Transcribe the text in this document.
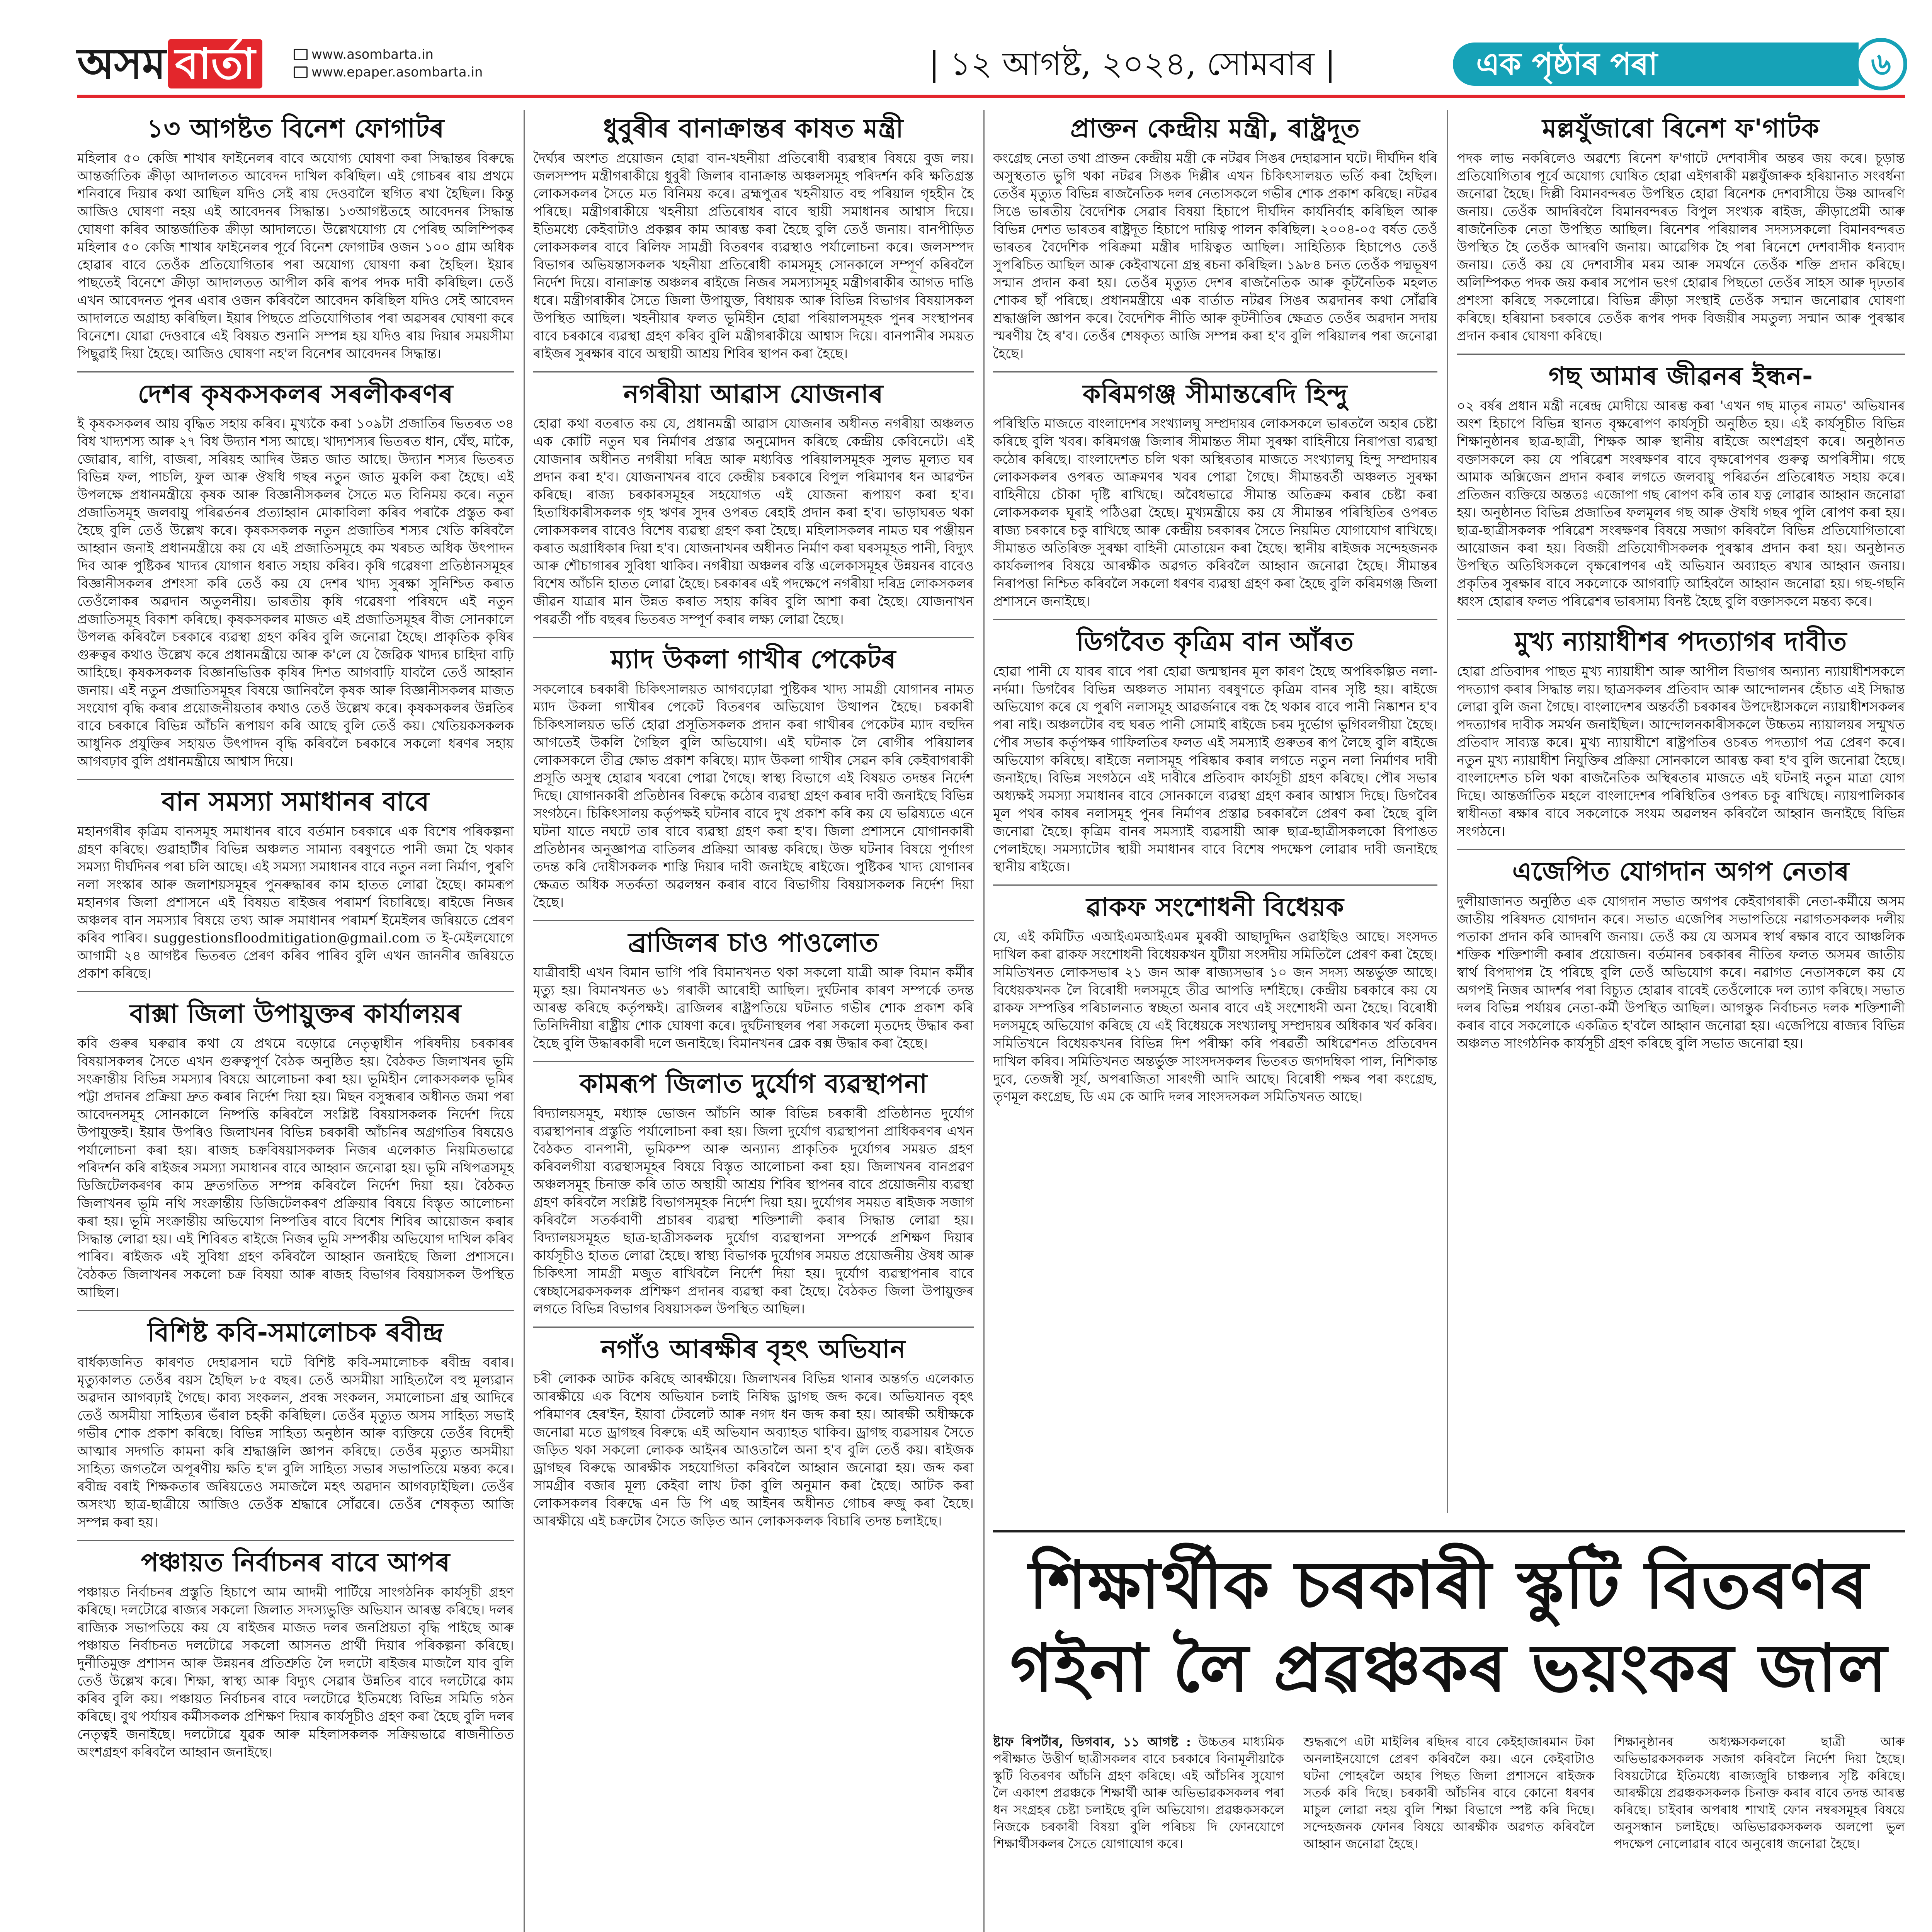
অসম বাৰ্তা	www.asombarta.in
www.epaper.asombarta.in	| ১২ আগষ্ট, ২০২৪, সোমবাৰ |	এক পৃষ্ঠাৰ পৰা	৬
১৩ আগষ্টত বিনেশ ফোগাটৰ

মহিলাৰ ৫০ কেজি শাখাৰ ফাইনেলৰ বাবে অযোগ্য ঘোষণা কৰা সিদ্ধান্তৰ বিৰুদ্ধে আন্তৰ্জাতিক ক্ৰীড়া আদালতত আবেদন দাখিল কৰিছিল। এই গোচৰৰ ৰায় প্ৰথমে শনিবাৰে দিয়াৰ কথা আছিল যদিও সেই ৰায় দেওবালৈ স্থগিত ৰখা হৈছিল। কিন্তু আজিও ঘোষণা নহয় এই আবেদনৰ সিদ্ধান্ত। ১৩আগষ্টতহে আবেদনৰ সিদ্ধান্ত ঘোষণা কৰিব আন্তৰ্জাতিক ক্ৰীড়া আদালতে। উল্লেখযোগ্য যে পেৰিছ অলিম্পিকৰ মহিলাৰ ৫০ কেজি শাখাৰ ফাইনেলৰ পূৰ্বে বিনেশ ফোগাটৰ ওজন ১০০ গ্ৰাম অধিক হোৱাৰ বাবে তেওঁক প্ৰতিযোগিতাৰ পৰা অযোগ্য ঘোষণা কৰা হৈছিল। ইয়াৰ পাছতেই বিনেশে ক্ৰীড়া আদালতত আপীল কৰি ৰূপৰ পদক দাবী কৰিছিল। তেওঁ এখন আবেদনত পুনৰ এবাৰ ওজন কৰিবলৈ আবেদন কৰিছিল যদিও সেই আবেদন আদালতে অগ্ৰাহ্য কৰিছিল। ইয়াৰ পিছতে প্ৰতিযোগিতাৰ পৰা অৱসৰৰ ঘোষণা কৰে বিনেশে। যোৱা দেওবাৰে এই বিষয়ত শুনানি সম্পন্ন হয় যদিও ৰায় দিয়াৰ সময়সীমা পিছুৱাই দিয়া হৈছে। আজিও ঘোষণা নহ'ল বিনেশৰ আবেদনৰ সিদ্ধান্ত।

দেশৰ কৃষকসকলৰ সৰলীকৰণৰ

ই কৃষকসকলৰ আয় বৃদ্ধিত সহায় কৰিব। মুখ্যকৈ কৰা ১০৯টা প্ৰজাতিৰ ভিতৰত ৩৪ বিধ খাদ্যশস্য আৰু ২৭ বিধ উদ্যান শস্য আছে। খাদ্যশস্যৰ ভিতৰত ধান, ঘেঁহু, মাকৈ, জোৱাৰ, ৰাগি, বাজৰা, সৰিয়হ আদিৰ উন্নত জাত আছে। উদ্যান শস্যৰ ভিতৰত বিভিন্ন ফল, পাচলি, ফুল আৰু ঔষধি গছৰ নতুন জাত মুকলি কৰা হৈছে। এই উপলক্ষে প্ৰধানমন্ত্ৰীয়ে কৃষক আৰু বিজ্ঞানীসকলৰ সৈতে মত বিনিময় কৰে। নতুন প্ৰজাতিসমূহ জলবায়ু পৰিৱৰ্তনৰ প্ৰত্যাহ্বান মোকাবিলা কৰিব পৰাকৈ প্ৰস্তুত কৰা হৈছে বুলি তেওঁ উল্লেখ কৰে। কৃষকসকলক নতুন প্ৰজাতিৰ শস্যৰ খেতি কৰিবলৈ আহ্বান জনাই প্ৰধানমন্ত্ৰীয়ে কয় যে এই প্ৰজাতিসমূহে কম খৰচত অধিক উৎপাদন দিব আৰু পুষ্টিকৰ খাদ্যৰ যোগান ধৰাত সহায় কৰিব। কৃষি গৱেষণা প্ৰতিষ্ঠানসমূহৰ বিজ্ঞানীসকলৰ প্ৰশংসা কৰি তেওঁ কয় যে দেশৰ খাদ্য সুৰক্ষা সুনিশ্চিত কৰাত তেওঁলোকৰ অৱদান অতুলনীয়। ভাৰতীয় কৃষি গৱেষণা পৰিষদে এই নতুন প্ৰজাতিসমূহ বিকাশ কৰিছে। কৃষকসকলৰ মাজত এই প্ৰজাতিসমূহৰ বীজ সোনকালে উপলব্ধ কৰিবলৈ চৰকাৰে ব্যৱস্থা গ্ৰহণ কৰিব বুলি জনোৱা হৈছে। প্ৰাকৃতিক কৃষিৰ গুৰুত্বৰ কথাও উল্লেখ কৰে প্ৰধানমন্ত্ৰীয়ে আৰু ক'লে যে জৈৱিক খাদ্যৰ চাহিদা বাঢ়ি আহিছে। কৃষকসকলক বিজ্ঞানভিত্তিক কৃষিৰ দিশত আগবাঢ়ি যাবলৈ তেওঁ আহ্বান জনায়। এই নতুন প্ৰজাতিসমূহৰ বিষয়ে জানিবলৈ কৃষক আৰু বিজ্ঞানীসকলৰ মাজত সংযোগ বৃদ্ধি কৰাৰ প্ৰয়োজনীয়তাৰ কথাও তেওঁ উল্লেখ কৰে। কৃষকসকলৰ উন্নতিৰ বাবে চৰকাৰে বিভিন্ন আঁচনি ৰূপায়ণ কৰি আছে বুলি তেওঁ কয়। খেতিয়কসকলক আধুনিক প্ৰযুক্তিৰ সহায়ত উৎপাদন বৃদ্ধি কৰিবলৈ চৰকাৰে সকলো ধৰণৰ সহায় আগবঢ়াব বুলি প্ৰধানমন্ত্ৰীয়ে আশ্বাস দিয়ে।

বান সমস্যা সমাধানৰ বাবে

মহানগৰীৰ কৃত্ৰিম বানসমূহ সমাধানৰ বাবে বৰ্তমান চৰকাৰে এক বিশেষ পৰিকল্পনা গ্ৰহণ কৰিছে। গুৱাহাটীৰ বিভিন্ন অঞ্চলত সামান্য বৰষুণতে পানী জমা হৈ থকাৰ সমস্যা দীৰ্ঘদিনৰ পৰা চলি আছে। এই সমস্যা সমাধানৰ বাবে নতুন নলা নিৰ্মাণ, পুৰণি নলা সংস্কাৰ আৰু জলাশয়সমূহৰ পুনৰুদ্ধাৰৰ কাম হাতত লোৱা হৈছে। কামৰূপ মহানগৰ জিলা প্ৰশাসনে এই বিষয়ত ৰাইজৰ পৰামৰ্শ বিচাৰিছে। ৰাইজে নিজৰ অঞ্চলৰ বান সমস্যাৰ বিষয়ে তথ্য আৰু সমাধানৰ পৰামৰ্শ ইমেইলৰ জৰিয়তে প্ৰেৰণ কৰিব পাৰিব। suggestionsfloodmitigation@gmail.com ত ই-মেইলযোগে আগামী ২৪ আগষ্টৰ ভিতৰত প্ৰেৰণ কৰিব পাৰিব বুলি এখন জাননীৰ জৰিয়তে প্ৰকাশ কৰিছে।

বাক্সা জিলা উপায়ুক্তৰ কাৰ্যালয়ৰ

কবি গুৰুৰ ঘৰুৱাৰ কথা যে প্ৰথমে বড়োৱে নেতৃত্বাধীন পৰিষদীয় চৰকাৰৰ বিষয়াসকলৰ সৈতে এখন গুৰুত্বপূৰ্ণ বৈঠক অনুষ্ঠিত হয়। বৈঠকত জিলাখনৰ ভূমি সংক্ৰান্তীয় বিভিন্ন সমস্যাৰ বিষয়ে আলোচনা কৰা হয়। ভূমিহীন লোকসকলক ভূমিৰ পট্টা প্ৰদানৰ প্ৰক্ৰিয়া দ্ৰুত কৰাৰ নিৰ্দেশ দিয়া হয়। মিছন বসুন্ধৰাৰ অধীনত জমা পৰা আবেদনসমূহ সোনকালে নিষ্পত্তি কৰিবলৈ সংশ্লিষ্ট বিষয়াসকলক নিৰ্দেশ দিয়ে উপায়ুক্তই। ইয়াৰ উপৰিও জিলাখনৰ বিভিন্ন চৰকাৰী আঁচনিৰ অগ্ৰগতিৰ বিষয়েও পৰ্যালোচনা কৰা হয়। ৰাজহ চক্ৰবিষয়াসকলক নিজৰ এলেকাত নিয়মিতভাৱে পৰিদৰ্শন কৰি ৰাইজৰ সমস্যা সমাধানৰ বাবে আহ্বান জনোৱা হয়। ভূমি নথিপত্ৰসমূহ ডিজিটেলকৰণৰ কাম দ্ৰুতগতিত সম্পন্ন কৰিবলৈ নিৰ্দেশ দিয়া হয়। বৈঠকত জিলাখনৰ ভূমি নথি সংক্ৰান্তীয় ডিজিটেলকৰণ প্ৰক্ৰিয়াৰ বিষয়ে বিস্তৃত আলোচনা কৰা হয়। ভূমি সংক্ৰান্তীয় অভিযোগ নিষ্পত্তিৰ বাবে বিশেষ শিবিৰ আয়োজন কৰাৰ সিদ্ধান্ত লোৱা হয়। এই শিবিৰত ৰাইজে নিজৰ ভূমি সম্পৰ্কীয় অভিযোগ দাখিল কৰিব পাৰিব। ৰাইজক এই সুবিধা গ্ৰহণ কৰিবলৈ আহ্বান জনাইছে জিলা প্ৰশাসনে। বৈঠকত জিলাখনৰ সকলো চক্ৰ বিষয়া আৰু ৰাজহ বিভাগৰ বিষয়াসকল উপস্থিত আছিল।

বিশিষ্ট কবি-সমালোচক ৰবীন্দ্ৰ

বাৰ্ধক্যজনিত কাৰণত দেহাৱসান ঘটে বিশিষ্ট কবি-সমালোচক ৰবীন্দ্ৰ বৰাৰ। মৃত্যুকালত তেওঁৰ বয়স হৈছিল ৮৫ বছৰ। তেওঁ অসমীয়া সাহিত্যলৈ বহু মূল্যৱান অৱদান আগবঢ়াই গৈছে। কাব্য সংকলন, প্ৰবন্ধ সংকলন, সমালোচনা গ্ৰন্থ আদিৰে তেওঁ অসমীয়া সাহিত্যৰ ভঁৰাল চহকী কৰিছিল। তেওঁৰ মৃত্যুত অসম সাহিত্য সভাই গভীৰ শোক প্ৰকাশ কৰিছে। বিভিন্ন সাহিত্য অনুষ্ঠান আৰু ব্যক্তিয়ে তেওঁৰ বিদেহী আত্মাৰ সদগতি কামনা কৰি শ্ৰদ্ধাঞ্জলি জ্ঞাপন কৰিছে। তেওঁৰ মৃত্যুত অসমীয়া সাহিত্য জগতলৈ অপূৰণীয় ক্ষতি হ'ল বুলি সাহিত্য সভাৰ সভাপতিয়ে মন্তব্য কৰে। ৰবীন্দ্ৰ বৰাই শিক্ষকতাৰ জৰিয়তেও সমাজলৈ মহৎ অৱদান আগবঢ়াইছিল। তেওঁৰ অসংখ্য ছাত্ৰ-ছাত্ৰীয়ে আজিও তেওঁক শ্ৰদ্ধাৰে সোঁৱৰে। তেওঁৰ শেষকৃত্য আজি সম্পন্ন কৰা হয়।

পঞ্চায়ত নিৰ্বাচনৰ বাবে আপৰ

পঞ্চায়ত নিৰ্বাচনৰ প্ৰস্তুতি হিচাপে আম আদমী পাৰ্টিয়ে সাংগঠনিক কাৰ্যসূচী গ্ৰহণ কৰিছে। দলটোৱে ৰাজ্যৰ সকলো জিলাত সদস্যভুক্তি অভিযান আৰম্ভ কৰিছে। দলৰ ৰাজ্যিক সভাপতিয়ে কয় যে ৰাইজৰ মাজত দলৰ জনপ্ৰিয়তা বৃদ্ধি পাইছে আৰু পঞ্চায়ত নিৰ্বাচনত দলটোৱে সকলো আসনত প্ৰাৰ্থী দিয়াৰ পৰিকল্পনা কৰিছে। দুৰ্নীতিমুক্ত প্ৰশাসন আৰু উন্নয়নৰ প্ৰতিশ্ৰুতি লৈ দলটো ৰাইজৰ মাজলৈ যাব বুলি তেওঁ উল্লেখ কৰে। শিক্ষা, স্বাস্থ্য আৰু বিদ্যুৎ সেৱাৰ উন্নতিৰ বাবে দলটোৱে কাম কৰিব বুলি কয়। পঞ্চায়ত নিৰ্বাচনৰ বাবে দলটোৱে ইতিমধ্যে বিভিন্ন সমিতি গঠন কৰিছে। বুথ পৰ্যায়ৰ কৰ্মীসকলক প্ৰশিক্ষণ দিয়াৰ কাৰ্যসূচীও গ্ৰহণ কৰা হৈছে বুলি দলৰ নেতৃত্বই জনাইছে। দলটোৱে যুৱক আৰু মহিলাসকলক সক্ৰিয়ভাৱে ৰাজনীতিত অংশগ্ৰহণ কৰিবলৈ আহ্বান জনাইছে।

ধুবুৰীৰ বানাক্ৰান্তৰ কাষত মন্ত্ৰী

দৈৰ্ঘ্যৰ অংশত প্ৰয়োজন হোৱা বান-খহনীয়া প্ৰতিৰোধী ব্যৱস্থাৰ বিষয়ে বুজ লয়। জলসম্পদ মন্ত্ৰীগৰাকীয়ে ধুবুৰী জিলাৰ বানাক্ৰান্ত অঞ্চলসমূহ পৰিদৰ্শন কৰি ক্ষতিগ্ৰস্ত লোকসকলৰ সৈতে মত বিনিময় কৰে। ব্ৰহ্মপুত্ৰৰ খহনীয়াত বহু পৰিয়াল গৃহহীন হৈ পৰিছে। মন্ত্ৰীগৰাকীয়ে খহনীয়া প্ৰতিৰোধৰ বাবে স্থায়ী সমাধানৰ আশ্বাস দিয়ে। ইতিমধ্যে কেইবাটাও প্ৰকল্পৰ কাম আৰম্ভ কৰা হৈছে বুলি তেওঁ জনায়। বানপীড়িত লোকসকলৰ বাবে ৰিলিফ সামগ্ৰী বিতৰণৰ ব্যৱস্থাও পৰ্যালোচনা কৰে। জলসম্পদ বিভাগৰ অভিযন্তাসকলক খহনীয়া প্ৰতিৰোধী কামসমূহ সোনকালে সম্পূৰ্ণ কৰিবলৈ নিৰ্দেশ দিয়ে। বানাক্ৰান্ত অঞ্চলৰ ৰাইজে নিজৰ সমস্যাসমূহ মন্ত্ৰীগৰাকীৰ আগত দাঙি ধৰে। মন্ত্ৰীগৰাকীৰ সৈতে জিলা উপায়ুক্ত, বিধায়ক আৰু বিভিন্ন বিভাগৰ বিষয়াসকল উপস্থিত আছিল। খহনীয়াৰ ফলত ভূমিহীন হোৱা পৰিয়ালসমূহক পুনৰ সংস্থাপনৰ বাবে চৰকাৰে ব্যৱস্থা গ্ৰহণ কৰিব বুলি মন্ত্ৰীগৰাকীয়ে আশ্বাস দিয়ে। বানপানীৰ সময়ত ৰাইজৰ সুৰক্ষাৰ বাবে অস্থায়ী আশ্ৰয় শিবিৰ স্থাপন কৰা হৈছে।

নগৰীয়া আৱাস যোজনাৰ

হোৱা কথা বতৰাত কয় যে, প্ৰধানমন্ত্ৰী আৱাস যোজনাৰ অধীনত নগৰীয়া অঞ্চলত এক কোটি নতুন ঘৰ নিৰ্মাণৰ প্ৰস্তাৱ অনুমোদন কৰিছে কেন্দ্ৰীয় কেবিনেটে। এই যোজনাৰ অধীনত নগৰীয়া দৰিদ্ৰ আৰু মধ্যবিত্ত পৰিয়ালসমূহক সুলভ মূল্যত ঘৰ প্ৰদান কৰা হ'ব। যোজনাখনৰ বাবে কেন্দ্ৰীয় চৰকাৰে বিপুল পৰিমাণৰ ধন আৱণ্টন কৰিছে। ৰাজ্য চৰকাৰসমূহৰ সহযোগত এই যোজনা ৰূপায়ণ কৰা হ'ব। হিতাধিকাৰীসকলক গৃহ ঋণৰ সুদৰ ওপৰত ৰেহাই প্ৰদান কৰা হ'ব। ভাড়াঘৰত থকা লোকসকলৰ বাবেও বিশেষ ব্যৱস্থা গ্ৰহণ কৰা হৈছে। মহিলাসকলৰ নামত ঘৰ পঞ্জীয়ন কৰাত অগ্ৰাধিকাৰ দিয়া হ'ব। যোজনাখনৰ অধীনত নিৰ্মাণ কৰা ঘৰসমূহত পানী, বিদ্যুৎ আৰু শৌচাগাৰৰ সুবিধা থাকিব। নগৰীয়া অঞ্চলৰ বস্তি এলেকাসমূহৰ উন্নয়নৰ বাবেও বিশেষ আঁচনি হাতত লোৱা হৈছে। চৰকাৰৰ এই পদক্ষেপে নগৰীয়া দৰিদ্ৰ লোকসকলৰ জীৱন যাত্ৰাৰ মান উন্নত কৰাত সহায় কৰিব বুলি আশা কৰা হৈছে। যোজনাখন পৰৱৰ্তী পাঁচ বছৰৰ ভিতৰত সম্পূৰ্ণ কৰাৰ লক্ষ্য লোৱা হৈছে।

ম্যাদ উকলা গাখীৰ পেকেটৰ

সকলোৰে চৰকাৰী চিকিৎসালয়ত আগবঢ়োৱা পুষ্টিকৰ খাদ্য সামগ্ৰী যোগানৰ নামত ম্যাদ উকলা গাখীৰৰ পেকেট বিতৰণৰ অভিযোগ উত্থাপন হৈছে। চৰকাৰী চিকিৎসালয়ত ভৰ্তি হোৱা প্ৰসূতিসকলক প্ৰদান কৰা গাখীৰৰ পেকেটৰ ম্যাদ বহুদিন আগতেই উকলি গৈছিল বুলি অভিযোগ। এই ঘটনাক লৈ ৰোগীৰ পৰিয়ালৰ লোকসকলে তীব্ৰ ক্ষোভ প্ৰকাশ কৰিছে। ম্যাদ উকলা গাখীৰ সেৱন কৰি কেইবাগৰাকী প্ৰসূতি অসুস্থ হোৱাৰ খবৰো পোৱা গৈছে। স্বাস্থ্য বিভাগে এই বিষয়ত তদন্তৰ নিৰ্দেশ দিছে। যোগানকাৰী প্ৰতিষ্ঠানৰ বিৰুদ্ধে কঠোৰ ব্যৱস্থা গ্ৰহণ কৰাৰ দাবী জনাইছে বিভিন্ন সংগঠনে। চিকিৎসালয় কৰ্তৃপক্ষই ঘটনাৰ বাবে দুখ প্ৰকাশ কৰি কয় যে ভৱিষ্যতে এনে ঘটনা যাতে নঘটে তাৰ বাবে ব্যৱস্থা গ্ৰহণ কৰা হ'ব। জিলা প্ৰশাসনে যোগানকাৰী প্ৰতিষ্ঠানৰ অনুজ্ঞাপত্ৰ বাতিলৰ প্ৰক্ৰিয়া আৰম্ভ কৰিছে। উক্ত ঘটনাৰ বিষয়ে পূৰ্ণাংগ তদন্ত কৰি দোষীসকলক শাস্তি দিয়াৰ দাবী জনাইছে ৰাইজে। পুষ্টিকৰ খাদ্য যোগানৰ ক্ষেত্ৰত অধিক সতৰ্কতা অৱলম্বন কৰাৰ বাবে বিভাগীয় বিষয়াসকলক নিৰ্দেশ দিয়া হৈছে।

ব্ৰাজিলৰ চাও পাওলোত

যাত্ৰীবাহী এখন বিমান ভাগি পৰি বিমানখনত থকা সকলো যাত্ৰী আৰু বিমান কৰ্মীৰ মৃত্যু হয়। বিমানখনত ৬১ গৰাকী আৰোহী আছিল। দুৰ্ঘটনাৰ কাৰণ সম্পৰ্কে তদন্ত আৰম্ভ কৰিছে কৰ্তৃপক্ষই। ব্ৰাজিলৰ ৰাষ্ট্ৰপতিয়ে ঘটনাত গভীৰ শোক প্ৰকাশ কৰি তিনিদিনীয়া ৰাষ্ট্ৰীয় শোক ঘোষণা কৰে। দুৰ্ঘটনাস্থলৰ পৰা সকলো মৃতদেহ উদ্ধাৰ কৰা হৈছে বুলি উদ্ধাৰকাৰী দলে জনাইছে। বিমানখনৰ ব্লেক বক্স উদ্ধাৰ কৰা হৈছে।

কামৰূপ জিলাত দুৰ্যোগ ব্যৱস্থাপনা

বিদ্যালয়সমূহ, মধ্যাহ্ন ভোজন আঁচনি আৰু বিভিন্ন চৰকাৰী প্ৰতিষ্ঠানত দুৰ্যোগ ব্যৱস্থাপনাৰ প্ৰস্তুতি পৰ্যালোচনা কৰা হয়। জিলা দুৰ্যোগ ব্যৱস্থাপনা প্ৰাধিকৰণৰ এখন বৈঠকত বানপানী, ভূমিকম্প আৰু অন্যান্য প্ৰাকৃতিক দুৰ্যোগৰ সময়ত গ্ৰহণ কৰিবলগীয়া ব্যৱস্থাসমূহৰ বিষয়ে বিস্তৃত আলোচনা কৰা হয়। জিলাখনৰ বানপ্ৰৱণ অঞ্চলসমূহ চিনাক্ত কৰি তাত অস্থায়ী আশ্ৰয় শিবিৰ স্থাপনৰ বাবে প্ৰয়োজনীয় ব্যৱস্থা গ্ৰহণ কৰিবলৈ সংশ্লিষ্ট বিভাগসমূহক নিৰ্দেশ দিয়া হয়। দুৰ্যোগৰ সময়ত ৰাইজক সজাগ কৰিবলৈ সতৰ্কবাণী প্ৰচাৰৰ ব্যৱস্থা শক্তিশালী কৰাৰ সিদ্ধান্ত লোৱা হয়। বিদ্যালয়সমূহত ছাত্ৰ-ছাত্ৰীসকলক দুৰ্যোগ ব্যৱস্থাপনা সম্পৰ্কে প্ৰশিক্ষণ দিয়াৰ কাৰ্যসূচীও হাতত লোৱা হৈছে। স্বাস্থ্য বিভাগক দুৰ্যোগৰ সময়ত প্ৰয়োজনীয় ঔষধ আৰু চিকিৎসা সামগ্ৰী মজুত ৰাখিবলৈ নিৰ্দেশ দিয়া হয়। দুৰ্যোগ ব্যৱস্থাপনাৰ বাবে স্বেচ্ছাসেৱকসকলক প্ৰশিক্ষণ প্ৰদানৰ ব্যৱস্থা কৰা হৈছে। বৈঠকত জিলা উপায়ুক্তৰ লগতে বিভিন্ন বিভাগৰ বিষয়াসকল উপস্থিত আছিল।

নগাঁও আৰক্ষীৰ বৃহৎ অভিযান

চৰী লোকক আটক কৰিছে আৰক্ষীয়ে। জিলাখনৰ বিভিন্ন থানাৰ অন্তৰ্গত এলেকাত আৰক্ষীয়ে এক বিশেষ অভিযান চলাই নিষিদ্ধ ড্ৰাগছ জব্দ কৰে। অভিযানত বৃহৎ পৰিমাণৰ হেৰ'ইন, ইয়াবা টেবলেট আৰু নগদ ধন জব্দ কৰা হয়। আৰক্ষী অধীক্ষকে জনোৱা মতে ড্ৰাগছৰ বিৰুদ্ধে এই অভিযান অব্যাহত থাকিব। ড্ৰাগছ ব্যৱসায়ৰ সৈতে জড়িত থকা সকলো লোকক আইনৰ আওতালৈ অনা হ'ব বুলি তেওঁ কয়। ৰাইজক ড্ৰাগছৰ বিৰুদ্ধে আৰক্ষীক সহযোগিতা কৰিবলৈ আহ্বান জনোৱা হয়। জব্দ কৰা সামগ্ৰীৰ বজাৰ মূল্য কেইবা লাখ টকা বুলি অনুমান কৰা হৈছে। আটক কৰা লোকসকলৰ বিৰুদ্ধে এন ডি পি এছ আইনৰ অধীনত গোচৰ ৰুজু কৰা হৈছে। আৰক্ষীয়ে এই চক্ৰটোৰ সৈতে জড়িত আন লোকসকলক বিচাৰি তদন্ত চলাইছে।

প্ৰাক্তন কেন্দ্ৰীয় মন্ত্ৰী, ৰাষ্ট্ৰদূত

কংগ্ৰেছ নেতা তথা প্ৰাক্তন কেন্দ্ৰীয় মন্ত্ৰী কে নটৱৰ সিঙৰ দেহাৱসান ঘটে। দীৰ্ঘদিন ধৰি অসুস্থতাত ভুগি থকা নটৱৰ সিঙক দিল্লীৰ এখন চিকিৎসালয়ত ভৰ্তি কৰা হৈছিল। তেওঁৰ মৃত্যুত বিভিন্ন ৰাজনৈতিক দলৰ নেতাসকলে গভীৰ শোক প্ৰকাশ কৰিছে। নটৱৰ সিঙে ভাৰতীয় বৈদেশিক সেৱাৰ বিষয়া হিচাপে দীৰ্ঘদিন কাৰ্যনিৰ্বাহ কৰিছিল আৰু বিভিন্ন দেশত ভাৰতৰ ৰাষ্ট্ৰদূত হিচাপে দায়িত্ব পালন কৰিছিল। ২০০৪-০৫ বৰ্ষত তেওঁ ভাৰতৰ বৈদেশিক পৰিক্ৰমা মন্ত্ৰীৰ দায়িত্বত আছিল। সাহিত্যিক হিচাপেও তেওঁ সুপৰিচিত আছিল আৰু কেইবাখনো গ্ৰন্থ ৰচনা কৰিছিল। ১৯৮৪ চনত তেওঁক পদ্মভূষণ সন্মান প্ৰদান কৰা হয়। তেওঁৰ মৃত্যুত দেশৰ ৰাজনৈতিক আৰু কূটনৈতিক মহলত শোকৰ ছাঁ পৰিছে। প্ৰধানমন্ত্ৰীয়ে এক বাৰ্তাত নটৱৰ সিঙৰ অৱদানৰ কথা সোঁৱৰি শ্ৰদ্ধাঞ্জলি জ্ঞাপন কৰে। বৈদেশিক নীতি আৰু কূটনীতিৰ ক্ষেত্ৰত তেওঁৰ অৱদান সদায় স্মৰণীয় হৈ ৰ'ব। তেওঁৰ শেষকৃত্য আজি সম্পন্ন কৰা হ'ব বুলি পৰিয়ালৰ পৰা জনোৱা হৈছে।

কৰিমগঞ্জ সীমান্তৰেদি হিন্দু

পৰিস্থিতি মাজতে বাংলাদেশৰ সংখ্যালঘু সম্প্ৰদায়ৰ লোকসকলে ভাৰতলৈ অহাৰ চেষ্টা কৰিছে বুলি খবৰ। কৰিমগঞ্জ জিলাৰ সীমান্তত সীমা সুৰক্ষা বাহিনীয়ে নিৰাপত্তা ব্যৱস্থা কঠোৰ কৰিছে। বাংলাদেশত চলি থকা অস্থিৰতাৰ মাজতে সংখ্যালঘু হিন্দু সম্প্ৰদায়ৰ লোকসকলৰ ওপৰত আক্ৰমণৰ খবৰ পোৱা গৈছে। সীমান্তবৰ্তী অঞ্চলত সুৰক্ষা বাহিনীয়ে চৌকা দৃষ্টি ৰাখিছে। অবৈধভাৱে সীমান্ত অতিক্ৰম কৰাৰ চেষ্টা কৰা লোকসকলক ঘূৰাই পঠিওৱা হৈছে। মুখ্যমন্ত্ৰীয়ে কয় যে সীমান্তৰ পৰিস্থিতিৰ ওপৰত ৰাজ্য চৰকাৰে চকু ৰাখিছে আৰু কেন্দ্ৰীয় চৰকাৰৰ সৈতে নিয়মিত যোগাযোগ ৰাখিছে। সীমান্তত অতিৰিক্ত সুৰক্ষা বাহিনী মোতায়েন কৰা হৈছে। স্থানীয় ৰাইজক সন্দেহজনক কাৰ্যকলাপৰ বিষয়ে আৰক্ষীক অৱগত কৰিবলৈ আহ্বান জনোৱা হৈছে। সীমান্তৰ নিৰাপত্তা নিশ্চিত কৰিবলৈ সকলো ধৰণৰ ব্যৱস্থা গ্ৰহণ কৰা হৈছে বুলি কৰিমগঞ্জ জিলা প্ৰশাসনে জনাইছে।

ডিগবৈত কৃত্ৰিম বান আঁৰত

হোৱা পানী যে যাবৰ বাবে পৰা হোৱা জন্মস্থানৰ মূল কাৰণ হৈছে অপৰিকল্পিত নলা-নৰ্দমা। ডিগবৈৰ বিভিন্ন অঞ্চলত সামান্য বৰষুণতে কৃত্ৰিম বানৰ সৃষ্টি হয়। ৰাইজে অভিযোগ কৰে যে পুৰণি নলাসমূহ আৱৰ্জনাৰে বন্ধ হৈ থকাৰ বাবে পানী নিষ্কাশন হ'ব পৰা নাই। অঞ্চলটোৰ বহু ঘৰত পানী সোমাই ৰাইজে চৰম দুৰ্ভোগ ভুগিবলগীয়া হৈছে। পৌৰ সভাৰ কৰ্তৃপক্ষৰ গাফিলতিৰ ফলত এই সমস্যাই গুৰুতৰ ৰূপ লৈছে বুলি ৰাইজে অভিযোগ কৰিছে। ৰাইজে নলাসমূহ পৰিষ্কাৰ কৰাৰ লগতে নতুন নলা নিৰ্মাণৰ দাবী জনাইছে। বিভিন্ন সংগঠনে এই দাবীৰে প্ৰতিবাদ কাৰ্যসূচী গ্ৰহণ কৰিছে। পৌৰ সভাৰ অধ্যক্ষই সমস্যা সমাধানৰ বাবে সোনকালে ব্যৱস্থা গ্ৰহণ কৰাৰ আশ্বাস দিছে। ডিগবৈৰ মূল পথৰ কাষৰ নলাসমূহ পুনৰ নিৰ্মাণৰ প্ৰস্তাৱ চৰকাৰলৈ প্ৰেৰণ কৰা হৈছে বুলি জনোৱা হৈছে। কৃত্ৰিম বানৰ সমস্যাই ব্যৱসায়ী আৰু ছাত্ৰ-ছাত্ৰীসকলকো বিপাঙত পেলাইছে। সমস্যাটোৰ স্থায়ী সমাধানৰ বাবে বিশেষ পদক্ষেপ লোৱাৰ দাবী জনাইছে স্থানীয় ৰাইজে।

ৱাকফ সংশোধনী বিধেয়ক

যে, এই কমিটিত এআইএমআইএমৰ মুৰব্বী আছাদুদ্দিন ওৱাইছিও আছে। সংসদত দাখিল কৰা ৱাকফ সংশোধনী বিধেয়কখন যুটীয়া সংসদীয় সমিতিলৈ প্ৰেৰণ কৰা হৈছে। সমিতিখনত লোকসভাৰ ২১ জন আৰু ৰাজ্যসভাৰ ১০ জন সদস্য অন্তৰ্ভুক্ত আছে। বিধেয়কখনক লৈ বিৰোধী দলসমূহে তীব্ৰ আপত্তি দৰ্শাইছে। কেন্দ্ৰীয় চৰকাৰে কয় যে ৱাকফ সম্পত্তিৰ পৰিচালনাত স্বচ্ছতা অনাৰ বাবে এই সংশোধনী অনা হৈছে। বিৰোধী দলসমূহে অভিযোগ কৰিছে যে এই বিধেয়কে সংখ্যালঘু সম্প্ৰদায়ৰ অধিকাৰ খৰ্ব কৰিব। সমিতিখনে বিধেয়কখনৰ বিভিন্ন দিশ পৰীক্ষা কৰি পৰৱৰ্তী অধিৱেশনত প্ৰতিবেদন দাখিল কৰিব। সমিতিখনত অন্তৰ্ভুক্ত সাংসদসকলৰ ভিতৰত জগদম্বিকা পাল, নিশিকান্ত দুবে, তেজস্বী সূৰ্য, অপৰাজিতা সাৰংগী আদি আছে। বিৰোধী পক্ষৰ পৰা কংগ্ৰেছ, তৃণমূল কংগ্ৰেছ, ডি এম কে আদি দলৰ সাংসদসকল সমিতিখনত আছে।

মল্লযুঁজাৰো ৰিনেশ ফ'গাটক

পদক লাভ নকৰিলেও অৱশ্যে ৰিনেশ ফ'গাটে দেশবাসীৰ অন্তৰ জয় কৰে। চূড়ান্ত প্ৰতিযোগিতাৰ পূৰ্বে অযোগ্য ঘোষিত হোৱা এইগৰাকী মল্লযুঁজাৰুক হৰিয়ানাত সংবৰ্ধনা জনোৱা হৈছে। দিল্লী বিমানবন্দৰত উপস্থিত হোৱা ৰিনেশক দেশবাসীয়ে উষ্ণ আদৰণি জনায়। তেওঁক আদৰিবলৈ বিমানবন্দৰত বিপুল সংখ্যক ৰাইজ, ক্ৰীড়াপ্ৰেমী আৰু ৰাজনৈতিক নেতা উপস্থিত আছিল। ৰিনেশৰ পৰিয়ালৰ সদস্যসকলো বিমানবন্দৰত উপস্থিত হৈ তেওঁক আদৰণি জনায়। আৱেগিক হৈ পৰা ৰিনেশে দেশবাসীক ধন্যবাদ জনায়। তেওঁ কয় যে দেশবাসীৰ মৰম আৰু সমৰ্থনে তেওঁক শক্তি প্ৰদান কৰিছে। অলিম্পিকত পদক জয় কৰাৰ সপোন ভংগ হোৱাৰ পিছতো তেওঁৰ সাহস আৰু দৃঢ়তাৰ প্ৰশংসা কৰিছে সকলোৱে। বিভিন্ন ক্ৰীড়া সংস্থাই তেওঁক সন্মান জনোৱাৰ ঘোষণা কৰিছে। হৰিয়ানা চৰকাৰে তেওঁক ৰূপৰ পদক বিজয়ীৰ সমতুল্য সন্মান আৰু পুৰস্কাৰ প্ৰদান কৰাৰ ঘোষণা কৰিছে।

গছ আমাৰ জীৱনৰ ইন্ধন-

০২ বৰ্ষৰ প্ৰধান মন্ত্ৰী নৰেন্দ্ৰ মোদীয়ে আৰম্ভ কৰা 'এখন গছ মাতৃৰ নামত' অভিযানৰ অংশ হিচাপে বিভিন্ন স্থানত বৃক্ষৰোপণ কাৰ্যসূচী অনুষ্ঠিত হয়। এই কাৰ্যসূচীত বিভিন্ন শিক্ষানুষ্ঠানৰ ছাত্ৰ-ছাত্ৰী, শিক্ষক আৰু স্থানীয় ৰাইজে অংশগ্ৰহণ কৰে। অনুষ্ঠানত বক্তাসকলে কয় যে পৰিৱেশ সংৰক্ষণৰ বাবে বৃক্ষৰোপণৰ গুৰুত্ব অপৰিসীম। গছে আমাক অক্সিজেন প্ৰদান কৰাৰ লগতে জলবায়ু পৰিৱৰ্তন প্ৰতিৰোধত সহায় কৰে। প্ৰতিজন ব্যক্তিয়ে অন্ততঃ এজোপা গছ ৰোপণ কৰি তাৰ যত্ন লোৱাৰ আহ্বান জনোৱা হয়। অনুষ্ঠানত বিভিন্ন প্ৰজাতিৰ ফলমূলৰ গছ আৰু ঔষধি গছৰ পুলি ৰোপণ কৰা হয়। ছাত্ৰ-ছাত্ৰীসকলক পৰিৱেশ সংৰক্ষণৰ বিষয়ে সজাগ কৰিবলৈ বিভিন্ন প্ৰতিযোগিতাৰো আয়োজন কৰা হয়। বিজয়ী প্ৰতিযোগীসকলক পুৰস্কাৰ প্ৰদান কৰা হয়। অনুষ্ঠানত উপস্থিত অতিথিসকলে বৃক্ষৰোপণৰ এই অভিযান অব্যাহত ৰখাৰ আহ্বান জনায়। প্ৰকৃতিৰ সুৰক্ষাৰ বাবে সকলোকে আগবাঢ়ি আহিবলৈ আহ্বান জনোৱা হয়। গছ-গছনি ধ্বংস হোৱাৰ ফলত পৰিৱেশৰ ভাৰসাম্য বিনষ্ট হৈছে বুলি বক্তাসকলে মন্তব্য কৰে।

মুখ্য ন্যায়াধীশৰ পদত্যাগৰ দাবীত

হোৱা প্ৰতিবাদৰ পাছত মুখ্য ন্যায়াধীশ আৰু আপীল বিভাগৰ অন্যান্য ন্যায়াধীশসকলে পদত্যাগ কৰাৰ সিদ্ধান্ত লয়। ছাত্ৰসকলৰ প্ৰতিবাদ আৰু আন্দোলনৰ হেঁচাত এই সিদ্ধান্ত লোৱা বুলি জনা গৈছে। বাংলাদেশৰ অন্তৰ্বৰ্তী চৰকাৰৰ উপদেষ্টাসকলে ন্যায়াধীশসকলৰ পদত্যাগৰ দাবীক সমৰ্থন জনাইছিল। আন্দোলনকাৰীসকলে উচ্চতম ন্যায়ালয়ৰ সন্মুখত প্ৰতিবাদ সাব্যস্ত কৰে। মুখ্য ন্যায়াধীশে ৰাষ্ট্ৰপতিৰ ওচৰত পদত্যাগ পত্ৰ প্ৰেৰণ কৰে। নতুন মুখ্য ন্যায়াধীশ নিযুক্তিৰ প্ৰক্ৰিয়া সোনকালে আৰম্ভ কৰা হ'ব বুলি জনোৱা হৈছে। বাংলাদেশত চলি থকা ৰাজনৈতিক অস্থিৰতাৰ মাজতে এই ঘটনাই নতুন মাত্ৰা যোগ দিছে। আন্তৰ্জাতিক মহলে বাংলাদেশৰ পৰিস্থিতিৰ ওপৰত চকু ৰাখিছে। ন্যায়পালিকাৰ স্বাধীনতা ৰক্ষাৰ বাবে সকলোকে সংযম অৱলম্বন কৰিবলৈ আহ্বান জনাইছে বিভিন্ন সংগঠনে।

এজেপিত যোগদান অগপ নেতাৰ

দুলীয়াজানত অনুষ্ঠিত এক যোগদান সভাত অগপৰ কেইবাগৰাকী নেতা-কৰ্মীয়ে অসম জাতীয় পৰিষদত যোগদান কৰে। সভাত এজেপিৰ সভাপতিয়ে নৱাগতসকলক দলীয় পতাকা প্ৰদান কৰি আদৰণি জনায়। তেওঁ কয় যে অসমৰ স্বাৰ্থ ৰক্ষাৰ বাবে আঞ্চলিক শক্তিক শক্তিশালী কৰাৰ প্ৰয়োজন। বৰ্তমানৰ চৰকাৰৰ নীতিৰ ফলত অসমৰ জাতীয় স্বাৰ্থ বিপদাপন্ন হৈ পৰিছে বুলি তেওঁ অভিযোগ কৰে। নৱাগত নেতাসকলে কয় যে অগপই নিজৰ আদৰ্শৰ পৰা বিচ্যুত হোৱাৰ বাবেই তেওঁলোকে দল ত্যাগ কৰিছে। সভাত দলৰ বিভিন্ন পৰ্যায়ৰ নেতা-কৰ্মী উপস্থিত আছিল। আগন্তুক নিৰ্বাচনত দলক শক্তিশালী কৰাৰ বাবে সকলোকে একত্ৰিত হ'বলৈ আহ্বান জনোৱা হয়। এজেপিয়ে ৰাজ্যৰ বিভিন্ন অঞ্চলত সাংগঠনিক কাৰ্যসূচী গ্ৰহণ কৰিছে বুলি সভাত জনোৱা হয়।

শিক্ষাৰ্থীক চৰকাৰী স্কুটি বিতৰণৰ গইনা লৈ প্ৰৱঞ্চকৰ ভয়ংকৰ জাল

ষ্টাফ ৰিপৰ্টাৰ, ডিগবাৰ, ১১ আগষ্ট : উচ্চতৰ মাধ্যমিক পৰীক্ষাত উত্তীৰ্ণ ছাত্ৰীসকলৰ বাবে চৰকাৰে বিনামূলীয়াকৈ স্কুটি বিতৰণৰ আঁচনি গ্ৰহণ কৰিছে। এই আঁচনিৰ সুযোগ লৈ একাংশ প্ৰৱঞ্চকে শিক্ষাৰ্থী আৰু অভিভাৱকসকলৰ পৰা ধন সংগ্ৰহৰ চেষ্টা চলাইছে বুলি অভিযোগ। প্ৰৱঞ্চকসকলে নিজকে চৰকাৰী বিষয়া বুলি পৰিচয় দি ফোনযোগে শিক্ষাৰ্থীসকলৰ সৈতে যোগাযোগ কৰে।

শুদ্ধৰূপে এটা মাইলিৰ ৰছিদৰ বাবে কেইহাজাৰমান টকা অনলাইনযোগে প্ৰেৰণ কৰিবলৈ কয়। এনে কেইবাটাও ঘটনা পোহৰলৈ অহাৰ পিছত জিলা প্ৰশাসনে ৰাইজক সতৰ্ক কৰি দিছে। চৰকাৰী আঁচনিৰ বাবে কোনো ধৰণৰ মাচুল লোৱা নহয় বুলি শিক্ষা বিভাগে স্পষ্ট কৰি দিছে। সন্দেহজনক ফোনৰ বিষয়ে আৰক্ষীক অৱগত কৰিবলৈ আহ্বান জনোৱা হৈছে।

শিক্ষানুষ্ঠানৰ অধ্যক্ষসকলকো ছাত্ৰী আৰু অভিভাৱকসকলক সজাগ কৰিবলৈ নিৰ্দেশ দিয়া হৈছে। বিষয়টোৱে ইতিমধ্যে ৰাজ্যজুৰি চাঞ্চল্যৰ সৃষ্টি কৰিছে। আৰক্ষীয়ে প্ৰৱঞ্চকসকলক চিনাক্ত কৰাৰ বাবে তদন্ত আৰম্ভ কৰিছে। চাইবাৰ অপৰাধ শাখাই ফোন নম্বৰসমূহৰ বিষয়ে অনুসন্ধান চলাইছে। অভিভাৱকসকলক অলপো ভুল পদক্ষেপ নোলোৱাৰ বাবে অনুৰোধ জনোৱা হৈছে।
